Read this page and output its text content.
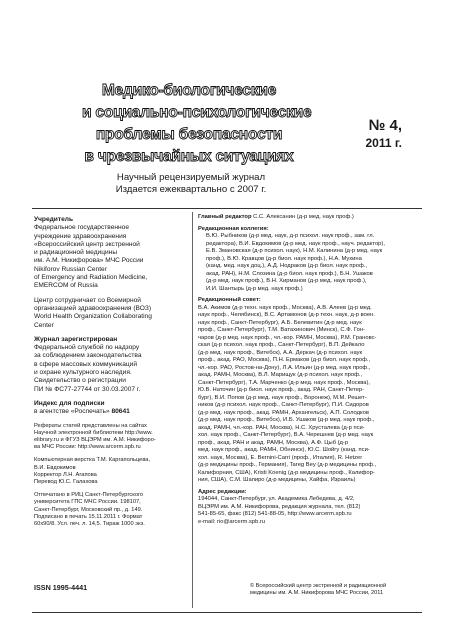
Медико-биологические
и социально-психологические
проблемы безопасности
в чрезвычайных ситуациях
№ 4,
2011 г.
Научный рецензируемый журнал
Издается ежеквартально с 2007 г.

Учредитель

Федеральное государственное

учреждение здравоохранения

«Всероссийский центр экстренной

и радиационной медицины

им. А.М. Никифорова» МЧС России

Nikiforov Russian Center

of Emergency and Radiation Medicine,

EMERCOM of Russia

Центр сотрудничает со Всемирной

организацией здравоохранения (ВОЗ)

World Health Organization Collaborating

Center

Журнал зарегистрирован

Федеральной службой по надзору

за соблюдением законодательства

в сфере массовых коммуникаций

и охране культурного наследия.

Свидетельство о регистрации

ПИ № ФС77-27744 от 30.03.2007 г.

Индекс для подписки

в агентстве «Роспечать» 80641

Рефераты статей представлены на сайтах

Научной электронной библиотеки http://www.

elibrary.ru и ФГУЗ ВЦЭРМ им. А.М. Никифоро-

ва МЧС России: http://www.arcerm.spb.ru

Компьютерная верстка Т.М. Каргапольцева,

В.И. Евдокимов

Корректор Л.Н. Агапова

Перевод Ю.С. Галахова

Отпечатано в РИЦ Санкт-Петербургского

университета ГПС МЧС России. 198107,

Санкт-Петербург, Московский пр., д. 149.

Подписано в печать 15.11.2011 г. Формат

60х90/8. Усл. печ. л. 14,5. Тираж 1000 экз.

ISSN 1995-4441

Главный редактор С.С. Алексанин (д-р мед. наук проф.)

Редакционная коллегия:

В.Ю. Рыбников (д-р мед. наук, д-р психол. наук проф., зам. гл.

редактора), В.И. Евдокимов (д-р мед. наук проф., науч. редактор),

Е.В. Змановская (д-р психол. наук), Н.М. Калинина (д-р мед. наук

проф.), В.Ю. Кравцов (д-р биол. наук проф.), Н.А. Мухина

(канд. мед. наук доц.), А.Д. Нодраков (д-р биол. наук проф.,

акад. РАН), Н.М. Слозина (д-р биол. наук проф.), Б.Н. Ушаков

(д-р мед. наук проф.), В.Н. Хирманов (д-р мед. наук проф.),

И.И. Шантырь (д-р мед. наук проф.)

Редакционный совет:

В.А. Акимов (д-р техн. наук проф., Москва), А.В. Алеев (д-р мед.

наук проф., Челябинск), В.С. Артамонов (д-р техн. наук, д-р воен.

наук проф., Санкт-Петербург), А.Б. Белевитин (д-р мед. наук

проф., Санкт-Петербург), Т.М. Ватахинович (Минск), С.Ф. Гон-

чаров (д-р мед. наук проф., чл.-кор. РАМН, Москва), Р.М. Грановс-

ская (д-р психол. наук проф., Санкт-Петербург), В.П. Дейкало

(д-р мед. наук проф., Витебск), А.А. Деркач (д-р психол. наук

проф., акад. РАО, Москва), П.Н. Ермаков (д-р биол. наук проф.,

чл.-кор. РАО, Ростов-на-Дону), Л.А. Ильин (д-р мед. наук проф.,

акад. РАМН, Москва), В.Л. Марищук (д-р психол. наук проф.,

Санкт-Петербург), Т.А. Марченко (д-р мед. наук проф., Москва),

Ю.В. Наточин (д-р биол. наук проф., акад. РАН, Санкт-Петер-

бург), В.И. Попов (д-р мед. наук проф., Воронеж), М.М. Решет-

ников (д-р психол. наук проф., Санкт-Петербург), П.И. Сидоров

(д-р мед. наук проф., акад. РАМН, Архангельск), А.П. Солодков

(д-р мед. наук проф., Витебск), И.Б. Ушаков (д-р мед. наук проф.,

акад. РАМН, чл.-кор. РАН, Москва), Н.С. Хрусталева (д-р пси-

хол. наук проф., Санкт-Петербург), В.А. Черешнев (д-р мед. наук

проф., акад. РАН и акад. РАМН, Москва), А.Ф. Цыб (д-р

мед. наук проф., акад. РАМН, Обнинск), Ю.С. Шойгу (канд. пси-

хол. наук, Москва), E. Bernini-Carri (проф., Италия), R. Hetzer

(д-р медицины проф., Германия), Tareg Bey (д-р медицины проф.,

Калифорния, США), Kristi Koenig (д-р медицины проф., Калифор-

ния, США), С.М. Шапиро (д-р медицины, Хайфа, Израиль)

Адрес редакции:

194044, Санкт-Петербург, ул. Академика Лебедева, д. 4/2,

ВЦЭРМ им. А.М. Никифорова, редакция журнала, тел. (812)

541-85-65, факс (812) 541-88-05, http://www.arcerm.spb.ru

e-mail: rio@arcerm.spb.ru

© Всероссийский центр экстренной и радиационной

медицины им. А.М. Никифорова МЧС России, 2011
